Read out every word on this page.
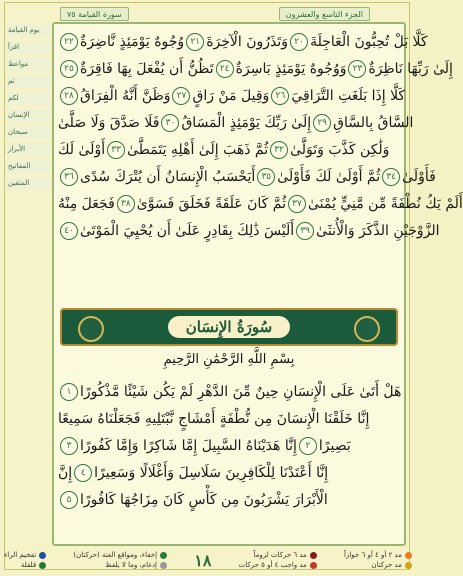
سورة القيامة ٧٥	الجزء التاسع والعشرون
يوم القيامة
اقرأ
مواعظ
ثم
لكم
الإنسان
سبحان
الأبرار
المفاتيح
المتقين
كَلَّا بَلْ تُحِبُّونَ الْعَاجِلَةَ
٢٠
وَتَذَرُونَ الْآخِرَةَ
٢١
وُجُوهٌ يَوْمَئِذٍ نَّاضِرَةٌ
٢٢
إِلَىٰ رَبِّهَا نَاظِرَةٌ
٢٣
وَوُجُوهٌ يَوْمَئِذٍ بَاسِرَةٌ
٢٤
تَظُنُّ أَن يُفْعَلَ بِهَا فَاقِرَةٌ
٢٥
كَلَّا إِذَا بَلَغَتِ التَّرَاقِيَ
٢٦
وَقِيلَ مَنْ رَاقٍ
٢٧
وَظَنَّ أَنَّهُ الْفِرَاقُ
٢٨
السَّاقُ بِالسَّاقِ
٢٩
إِلَىٰ رَبِّكَ يَوْمَئِذٍ الْمَسَاقُ
٣٠
فَلَا صَدَّقَ وَلَا صَلَّىٰ
وَلَٰكِن كَذَّبَ وَتَوَلَّىٰ
٣٢
ثُمَّ ذَهَبَ إِلَىٰ أَهْلِهِ يَتَمَطَّىٰ
٣٣
أَوْلَىٰ لَكَ
فَأَوْلَىٰ
٣٤
ثُمَّ أَوْلَىٰ لَكَ فَأَوْلَىٰ
٣٥
أَيَحْسَبُ الْإِنسَانُ أَن يُتْرَكَ سُدًى
٣٦
أَلَمْ يَكُ نُطْفَةً مِّن مَّنِيٍّ يُمْنَىٰ
٣٧
ثُمَّ كَانَ عَلَقَةً فَخَلَقَ فَسَوَّىٰ
٣٨
فَجَعَلَ مِنْهُ
الزَّوْجَيْنِ الذَّكَرَ وَالْأُنثَىٰ
٣٩
أَلَيْسَ ذَٰلِكَ بِقَادِرٍ عَلَىٰ أَن يُحْيِيَ الْمَوْتَىٰ
٤٠
سُورَةُ الإِنسَان
بِسْمِ اللَّهِ الرَّحْمَٰنِ الرَّحِيمِ
هَلْ أَتَىٰ عَلَى الْإِنسَانِ حِينٌ مِّنَ الدَّهْرِ لَمْ يَكُن شَيْئًا مَّذْكُورًا
١
إِنَّا خَلَقْنَا الْإِنسَانَ مِن نُّطْفَةٍ أَمْشَاجٍ نَّبْتَلِيهِ فَجَعَلْنَاهُ سَمِيعًا
بَصِيرًا
٢
إِنَّا هَدَيْنَاهُ السَّبِيلَ إِمَّا شَاكِرًا وَإِمَّا كَفُورًا
٣
إِنَّا أَعْتَدْنَا لِلْكَافِرِينَ سَلَاسِلَ وَأَغْلَالًا وَسَعِيرًا
٤
إِنَّ
الْأَبْرَارَ يَشْرَبُونَ مِن كَأْسٍ كَانَ مِزَاجُهَا كَافُورًا
٥
تفخيم الراء
قلقلة
إخفاء، ومواقع الغنة (حركتان)
إدغام، وما لا يلفظ ١٨	مد ٦ حركات لزوماً
مد واجب ٤ أو ٥ حركات
مد ٢ أو ٤ أو ٦ جوازاً
مد حركتان
